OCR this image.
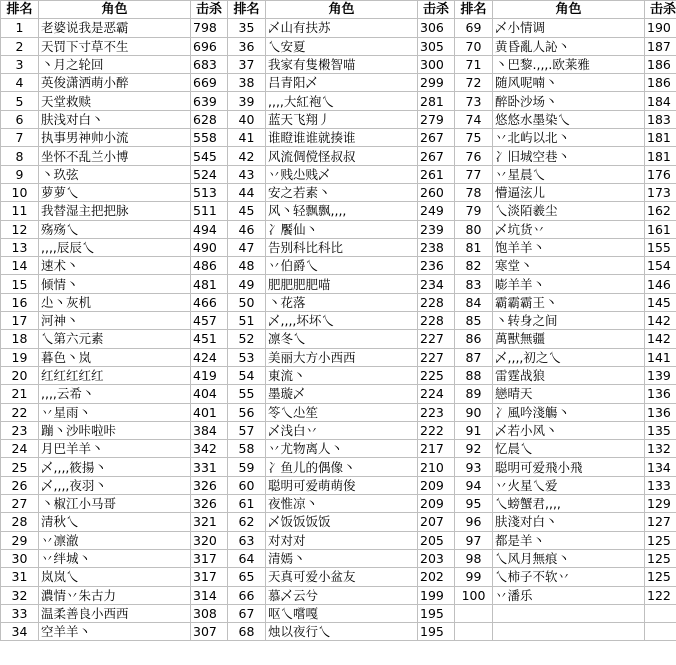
排名	角色	击杀	排名	角色	击杀	排名	角色	击杀
1	老婆说我是恶霸	798	35	乄山有扶苏	306	69	乄小情调	190
2	天罚下寸草不生	696	36	乀安夏	305	70	黄昏亂人訫丶	187
3	丶月之轮回	683	37	我家有隻樧智喵	300	71	丶巴黎.,,,.欧莱雅	186
4	英俊潇洒萌小醉	669	38	吕青阳乄	299	72	随风呢喃丶	186
5	天堂救赎	639	39	,,,,大紅袍乀	281	73	醉卧沙场丶	184
6	肤浅对白丶	628	40	蓝天飞翔丿	279	74	悠悠水墨染乀	183
7	执事男神帅小流	558	41	谁瞪谁谁就揍谁	267	75	丷北屿以北丶	181
8	坐怀不乱兰小博	545	42	风流倜傥怪叔叔	267	76	冫旧城空巷丶	181
9	丶玖弦	524	43	丷贱尐贱乄	261	77	丷星晨乀	176
10	萝萝乀	513	44	安之若素丶	260	78	懵逼泫儿	173
11	我替湿主把把脉	511	45	风丶轻飘飘,,,,	249	79	乀淡陌羲尘	162
12	殇殇乀	494	46	冫饜仙丶	239	80	乄坑货丷	161
13	,,,,辰辰乀	490	47	告别科比科比	238	81	饱羊羊丶	155
14	速术丶	486	48	丷伯爵乀	236	82	寒堂丶	154
15	倾情丶	481	49	肥肥肥肥喵	234	83	嘭羊羊丶	146
16	尐丶灰机	466	50	丶花落	228	84	霸霸霸王丶	145
17	河神丶	457	51	乄,,,,坏坏乀	228	85	丶转身之间	142
18	乀第六元素	451	52	凛冬乀	227	86	萬獸無疆	142
19	暮色丶岚	424	53	美丽大方小西西	227	87	乄,,,,初之乀	141
20	红红红红红	419	54	東流丶	225	88	雷霆战狼	139
21	,,,,云希丶	404	55	墨璇乄	224	89	戀晴天	136
22	丷星雨丶	401	56	笭乀尐笙	223	90	冫風吟淺觴丶	136
23	蹦丶沙咔啦咔	384	57	乄浅白丷	222	91	乄若小风丶	135
24	月巴羊羊丶	342	58	丷尤物离人丶	217	92	忆晨乀	132
25	乄,,,,筱揚丶	331	59	冫鱼儿的偶像丶	210	93	聪明可爱飛小飛	134
26	乄,,,,夜羽丶	326	60	聪明可爱萌萌俊	209	94	丷火星乀爱	133
27	丶椒江小马哥	326	61	夜惟凉丶	209	95	乀螃蟹君,,,,	129
28	清秋乀	321	62	乄饭饭饭饭	207	96	肤淺对白丶	127
29	丷凛澈	320	63	对对对	205	97	都是羊丶	125
30	丷绊城丶	317	64	清嫣丶	203	98	乀风月無痕丶	125
31	岚岚乀	317	65	天真可爱小盆友	202	99	乀柿子不软丷	125
32	濃情丷朱古力	314	66	慕乄云兮	199	100	丷潘乐	122
33	温柔善良小西西	308	67	呕乀嚐嘎	195			
34	空羊羊丶	307	68	烛以夜行乀	195			
